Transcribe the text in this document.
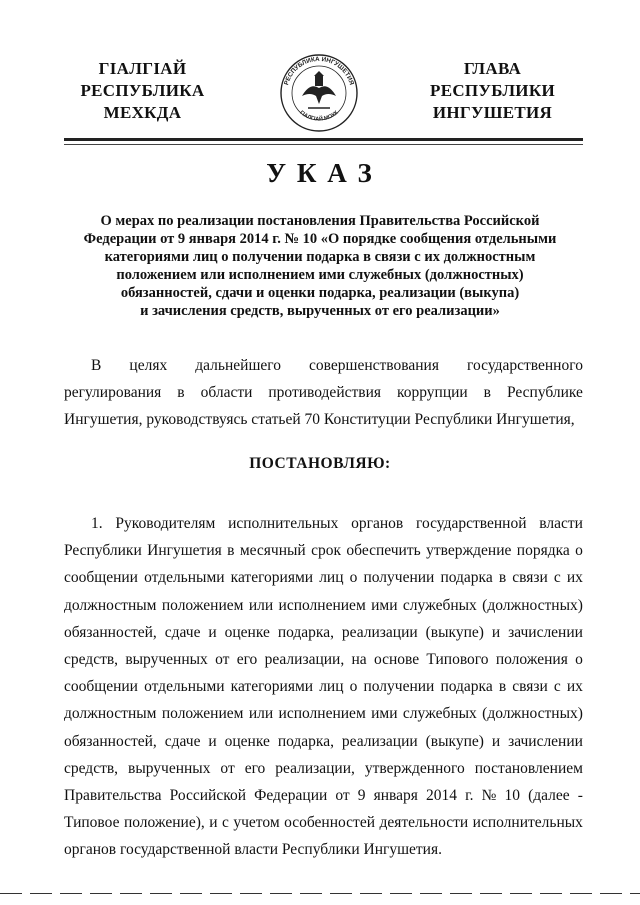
ГIАЛГIАЙ
РЕСПУБЛИКА
МЕХКДА
РЕСПУБЛИКА ИНГУШЕТИЯ
ГIАЛГIАЙ МОХК
ГЛАВА
РЕСПУБЛИКИ
ИНГУШЕТИЯ
У К А З
О мерах по реализации постановления Правительства Российской
Федерации от 9 января 2014 г. № 10 «О порядке сообщения отдельными
категориями лиц о получении подарка в связи с их должностным
положением или исполнением ими служебных (должностных)
обязанностей, сдачи и оценки подарка, реализации (выкупа)
и зачисления средств, вырученных от его реализации»
В целях дальнейшего совершенствования государственного
регулирования в области противодействия коррупции в Республике
Ингушетия, руководствуясь статьей 70 Конституции Республики Ингушетия,
ПОСТАНОВЛЯЮ:
1. Руководителям исполнительных органов государственной власти
Республики Ингушетия в месячный срок обеспечить утверждение порядка о
сообщении отдельными категориями лиц о получении подарка в связи с их
должностным положением или исполнением ими служебных (должностных)
обязанностей, сдаче и оценке подарка, реализации (выкупе) и зачислении
средств, вырученных от его реализации, на основе Типового положения о
сообщении отдельными категориями лиц о получении подарка в связи с их
должностным положением или исполнением ими служебных (должностных)
обязанностей, сдаче и оценке подарка, реализации (выкупе) и зачислении
средств, вырученных от его реализации, утвержденного постановлением
Правительства Российской Федерации от 9 января 2014 г. № 10 (далее -
Типовое положение), и с учетом особенностей деятельности исполнительных
органов государственной власти Республики Ингушетия.
